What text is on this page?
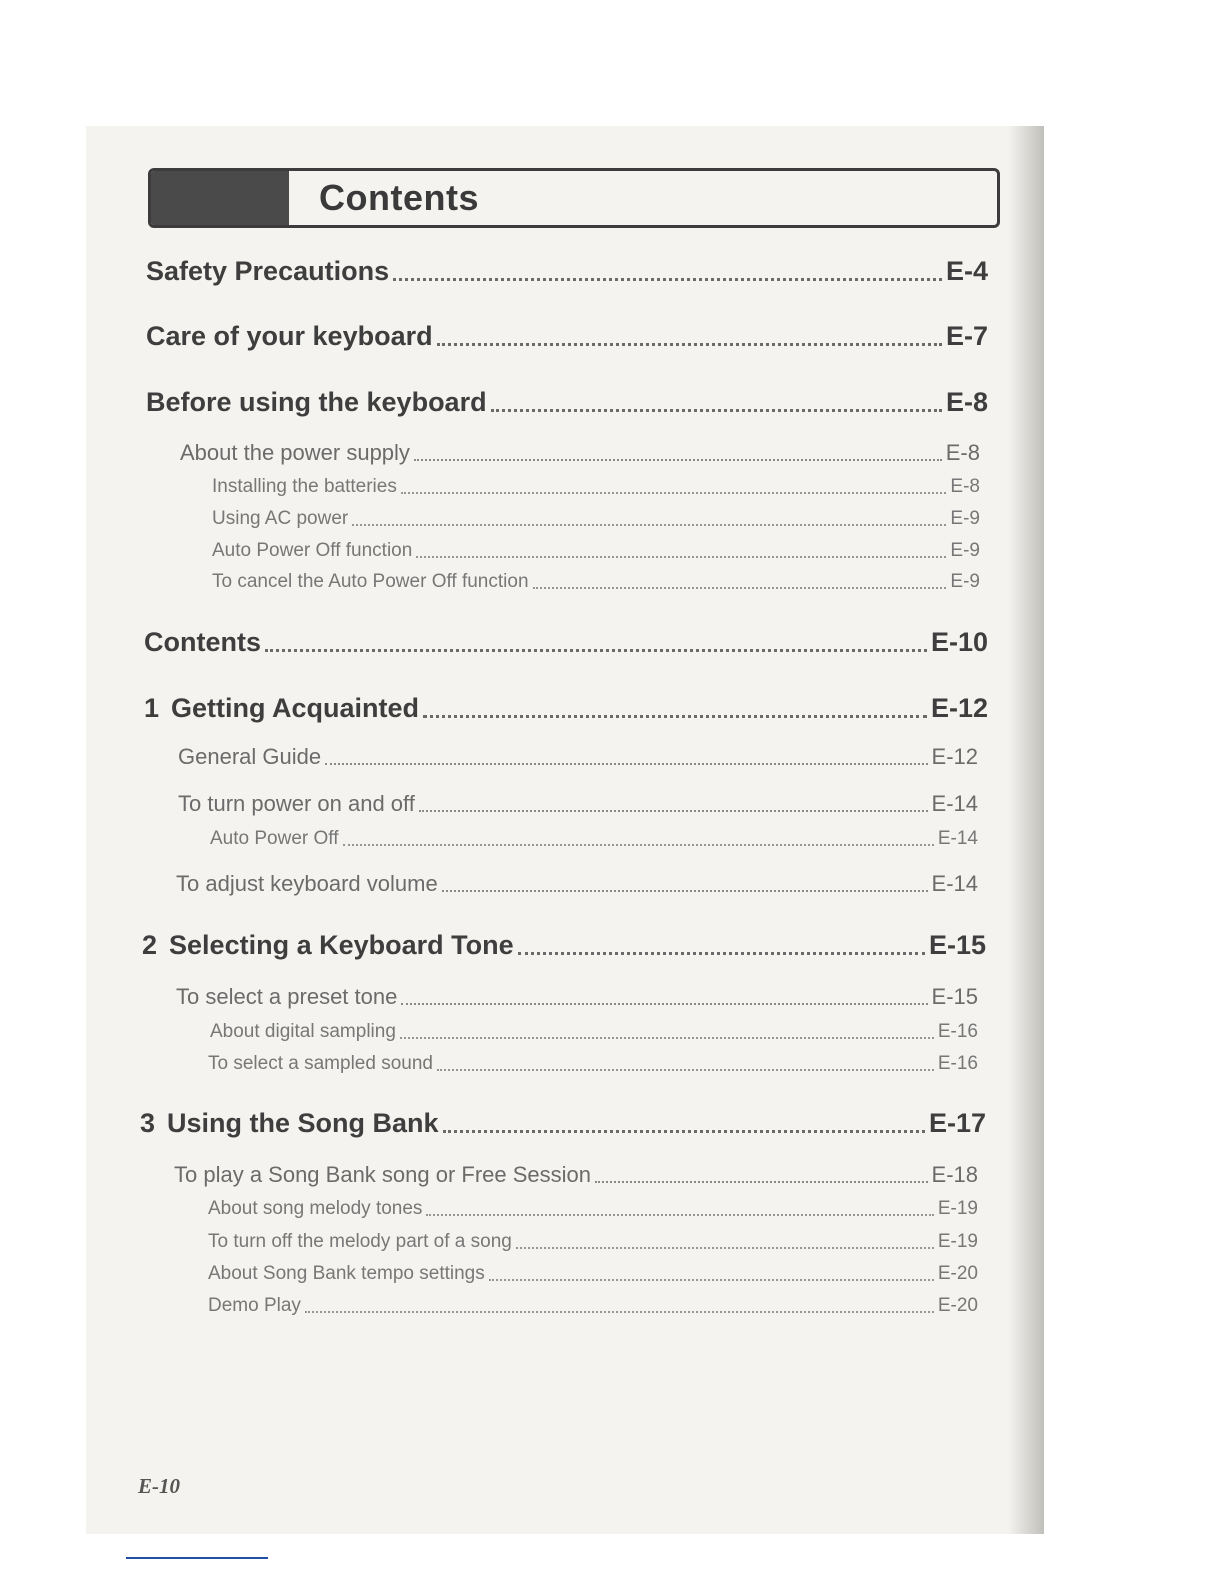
Contents
Safety Precautions	E-4
Care of your keyboard	E-7
Before using the keyboard	E-8
About the power supply	E-8
Installing the batteries	E-8
Using AC power	E-9
Auto Power Off function	E-9
To cancel the Auto Power Off function	E-9
Contents	E-10
1 Getting Acquainted	E-12
General Guide	E-12
To turn power on and off	E-14
Auto Power Off	E-14
To adjust keyboard volume	E-14
2 Selecting a Keyboard Tone	E-15
To select a preset tone	E-15
About digital sampling	E-16
To select a sampled sound	E-16
3 Using the Song Bank	E-17
To play a Song Bank song or Free Session	E-18
About song melody tones	E-19
To turn off the melody part of a song	E-19
About Song Bank tempo settings	E-20
Demo Play	E-20
E-10
